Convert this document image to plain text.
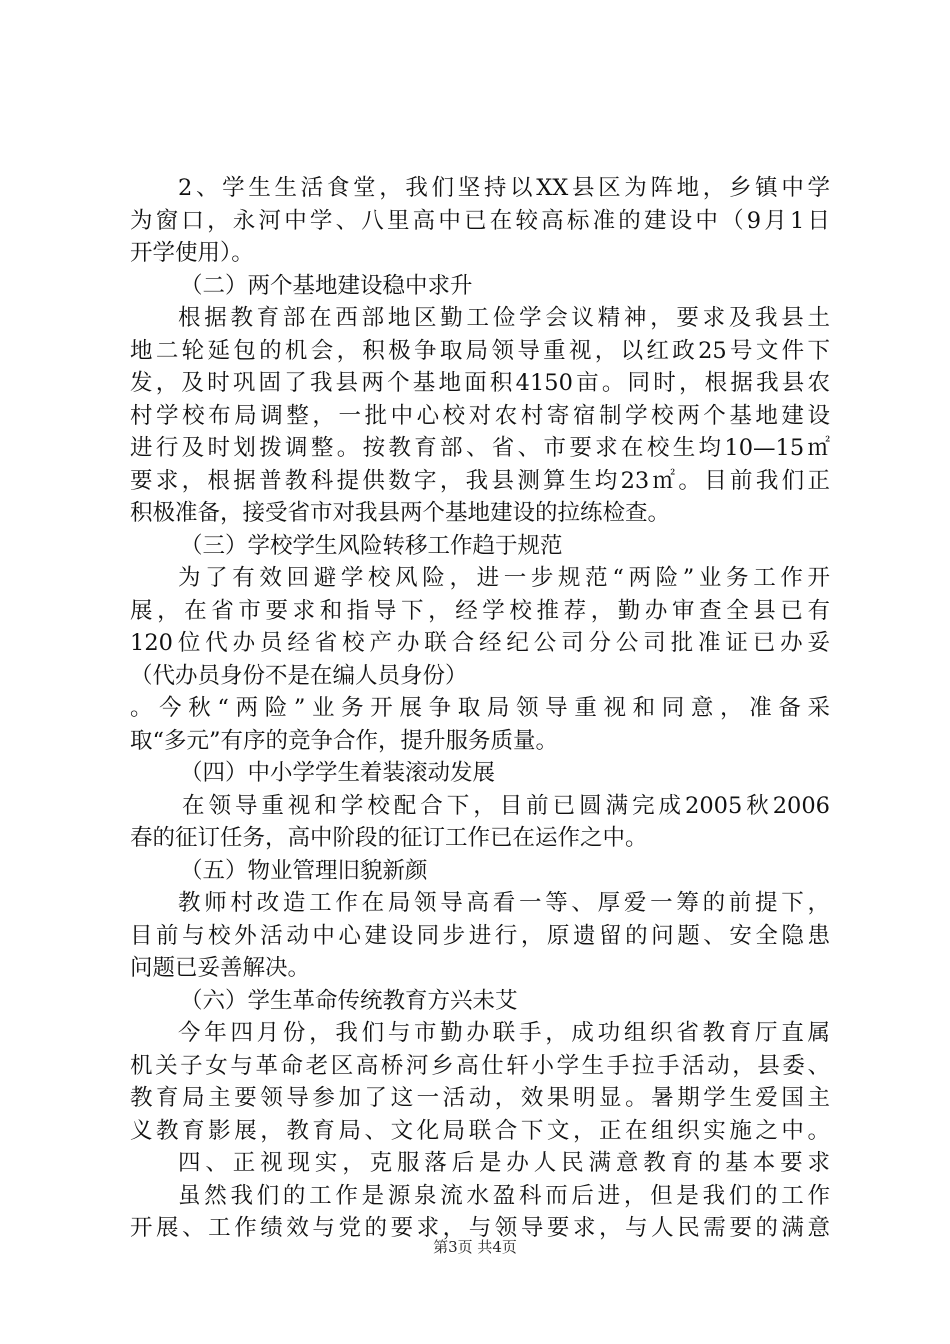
2、学生生活食堂，我们坚持以XX县区为阵地，乡镇中学
为窗口，永河中学、八里高中已在较高标准的建设中（9月1日
开学使用）。
（二）两个基地建设稳中求升
根据教育部在西部地区勤工俭学会议精神，要求及我县土
地二轮延包的机会，积极争取局领导重视，以红政25号文件下
发，及时巩固了我县两个基地面积4150亩。同时，根据我县农
村学校布局调整，一批中心校对农村寄宿制学校两个基地建设
进行及时划拨调整。按教育部、省、市要求在校生均10—15㎡
要求，根据普教科提供数字，我县测算生均23㎡。目前我们正
积极准备，接受省市对我县两个基地建设的拉练检查。
（三）学校学生风险转移工作趋于规范
为了有效回避学校风险，进一步规范“两险”业务工作开
展，在省市要求和指导下，经学校推荐，勤办审查全县已有
120位代办员经省校产办联合经纪公司分公司批准证已办妥
（代办员身份不是在编人员身份）
。今秋“两险”业务开展争取局领导重视和同意，准备采
取“多元”有序的竞争合作，提升服务质量。
（四）中小学学生着装滚动发展
在领导重视和学校配合下，目前已圆满完成2005秋2006
春的征订任务，高中阶段的征订工作已在运作之中。
（五）物业管理旧貌新颜
教师村改造工作在局领导高看一等、厚爱一筹的前提下，
目前与校外活动中心建设同步进行，原遗留的问题、安全隐患
问题已妥善解决。
（六）学生革命传统教育方兴未艾
今年四月份，我们与市勤办联手，成功组织省教育厅直属
机关子女与革命老区高桥河乡高仕轩小学生手拉手活动，县委、
教育局主要领导参加了这一活动，效果明显。暑期学生爱国主
义教育影展，教育局、文化局联合下文，正在组织实施之中。
四、正视现实，克服落后是办人民满意教育的基本要求
虽然我们的工作是源泉流水盈科而后进，但是我们的工作
开展、工作绩效与党的要求，与领导要求，与人民需要的满意
第3页 共4页
